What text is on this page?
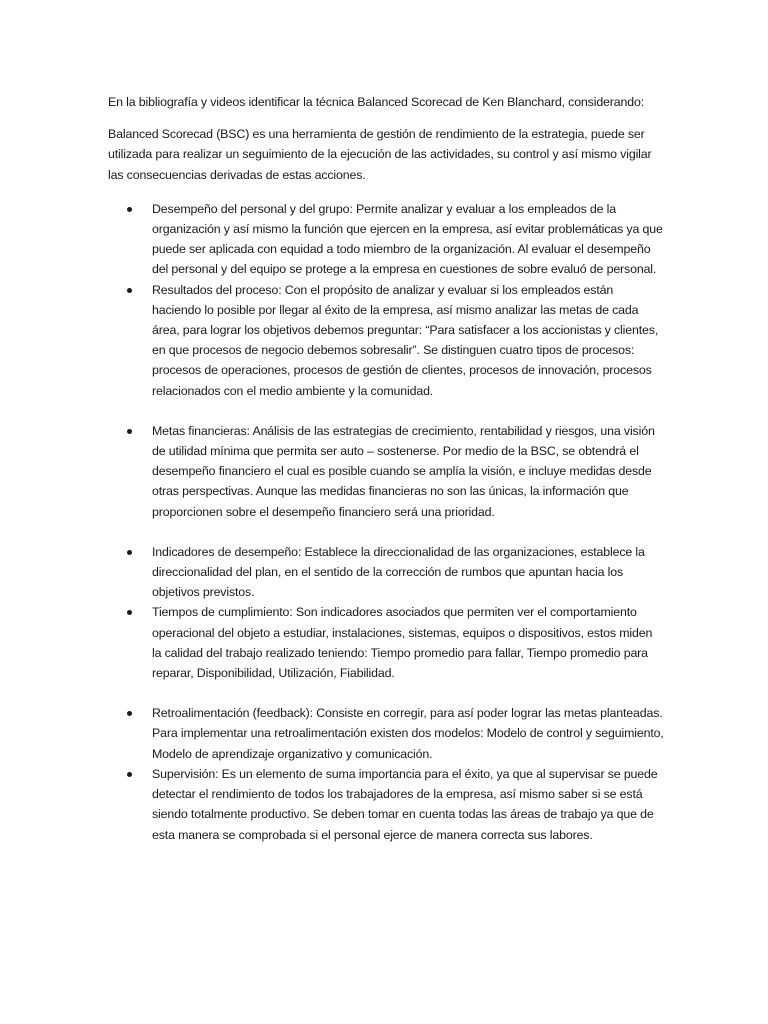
En la bibliografía y videos identificar la técnica Balanced Scorecad de Ken Blanchard, considerando:

Balanced Scorecad (BSC) es una herramienta de gestión de rendimiento de la estrategia, puede ser utilizada para realizar un seguimiento de la ejecución de las actividades, su control y así mismo vigilar las consecuencias derivadas de estas acciones.

Desempeño del personal y del grupo: Permite analizar y evaluar a los empleados de la organización y así mismo la función que ejercen en la empresa, así evitar problemáticas ya que puede ser aplicada con equidad a todo miembro de la organización. Al evaluar el desempeño del personal y del equipo se protege a la empresa en cuestiones de sobre evaluó de personal.
Resultados del proceso: Con el propósito de analizar y evaluar si los empleados están haciendo lo posible por llegar al éxito de la empresa, así mismo analizar las metas de cada área, para lograr los objetivos debemos preguntar: “Para satisfacer a los accionistas y clientes, en que procesos de negocio debemos sobresalir”. Se distinguen cuatro tipos de procesos: procesos de operaciones, procesos de gestión de clientes, procesos de innovación, procesos relacionados con el medio ambiente y la comunidad.
Metas financieras: Análisis de las estrategias de crecimiento, rentabilidad y riesgos, una visión de utilidad mínima que permita ser auto – sostenerse. Por medio de la BSC, se obtendrá el desempeño financiero el cual es posible cuando se amplía la visión, e incluye medidas desde otras perspectivas. Aunque las medidas financieras no son las únicas, la información que proporcionen sobre el desempeño financiero será una prioridad.
Indicadores de desempeño: Establece la direccionalidad de las organizaciones, establece la direccionalidad del plan, en el sentido de la corrección de rumbos que apuntan hacia los objetivos previstos.
Tiempos de cumplimiento: Son indicadores asociados que permiten ver el comportamiento operacional del objeto a estudiar, instalaciones, sistemas, equipos o dispositivos, estos miden la calidad del trabajo realizado teniendo: Tiempo promedio para fallar, Tiempo promedio para reparar, Disponibilidad, Utilización, Fiabilidad.
Retroalimentación (feedback): Consiste en corregir, para así poder lograr las metas planteadas. Para implementar una retroalimentación existen dos modelos: Modelo de control y seguimiento, Modelo de aprendizaje organizativo y comunicación.
Supervisión: Es un elemento de suma importancia para el éxito, ya que al supervisar se puede detectar el rendimiento de todos los trabajadores de la empresa, así mismo saber si se está siendo totalmente productivo. Se deben tomar en cuenta todas las áreas de trabajo ya que de esta manera se comprobada si el personal ejerce de manera correcta sus labores.
